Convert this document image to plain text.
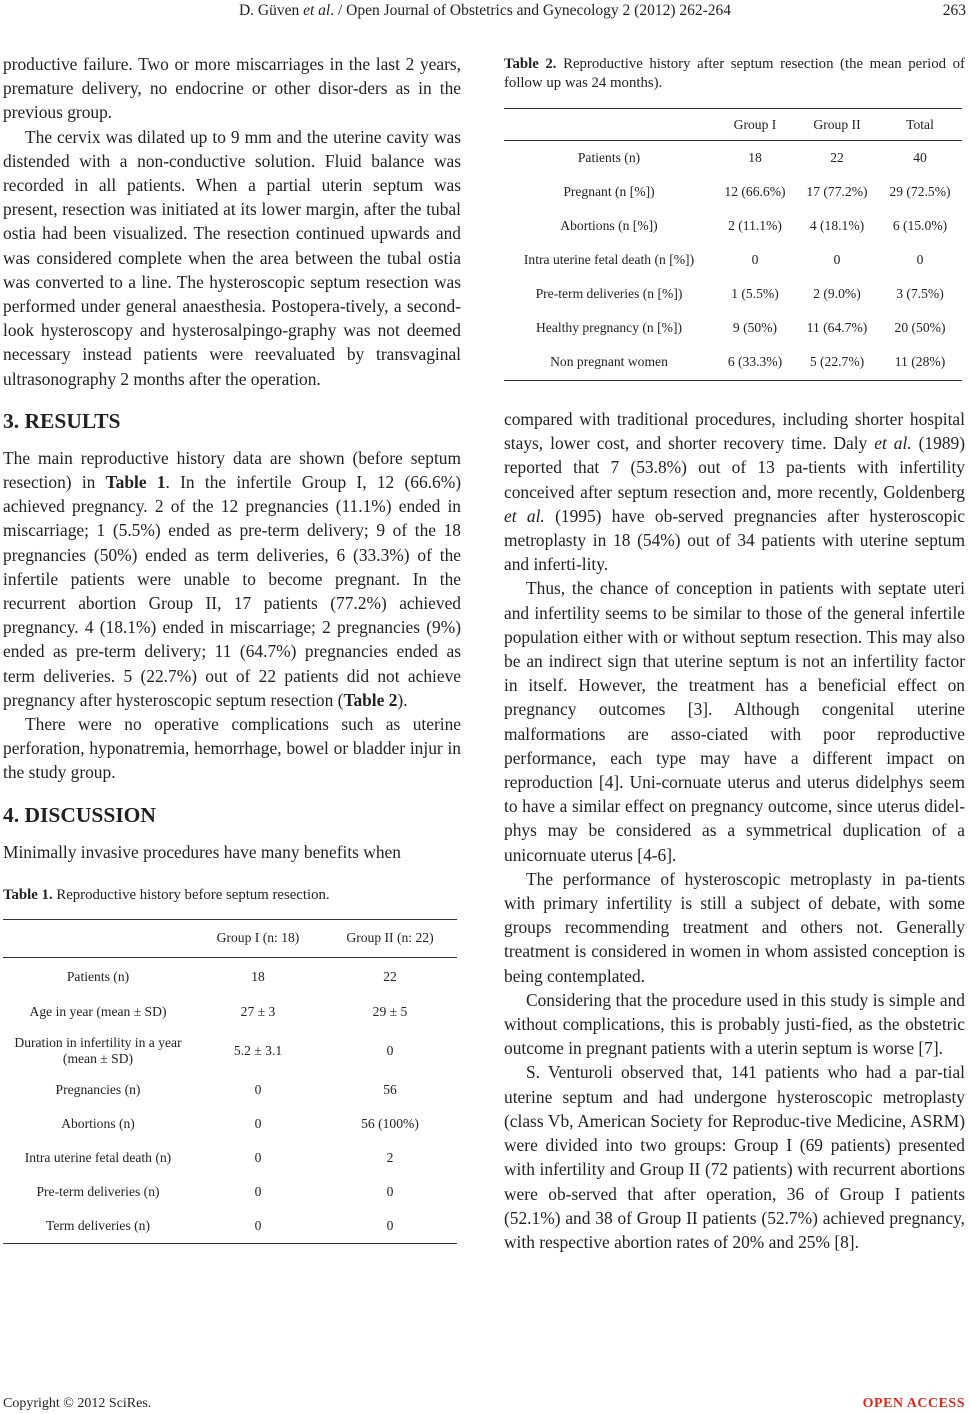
D. Güven et al. / Open Journal of Obstetrics and Gynecology 2 (2012) 262-264	263

productive failure. Two or more miscarriages in the last 2 years, premature delivery, no endocrine or other disor-ders as in the previous group.

The cervix was dilated up to 9 mm and the uterine cavity was distended with a non-conductive solution. Fluid balance was recorded in all patients. When a partial uterin septum was present, resection was initiated at its lower margin, after the tubal ostia had been visualized. The resection continued upwards and was considered complete when the area between the tubal ostia was converted to a line. The hysteroscopic septum resection was performed under general anaesthesia. Postopera-tively, a second-look hysteroscopy and hysterosalpingo-graphy was not deemed necessary instead patients were reevaluated by transvaginal ultrasonography 2 months after the operation.

3. RESULTS

The main reproductive history data are shown (before septum resection) in Table 1. In the infertile Group I, 12 (66.6%) achieved pregnancy. 2 of the 12 pregnancies (11.1%) ended in miscarriage; 1 (5.5%) ended as pre-term delivery; 9 of the 18 pregnancies (50%) ended as term deliveries, 6 (33.3%) of the infertile patients were unable to become pregnant. In the recurrent abortion Group II, 17 patients (77.2%) achieved pregnancy. 4 (18.1%) ended in miscarriage; 2 pregnancies (9%) ended as pre-term delivery; 11 (64.7%) pregnancies ended as term deliveries. 5 (22.7%) out of 22 patients did not achieve pregnancy after hysteroscopic septum resection (Table 2).

There were no operative complications such as uterine perforation, hyponatremia, hemorrhage, bowel or bladder injur in the study group.

4. DISCUSSION

Minimally invasive procedures have many benefits when

Table 1. Reproductive history before septum resection.

	Group I (n: 18)	Group II (n: 22)
Patients (n)	18	22
Age in year (mean ± SD)	27 ± 3	29 ± 5
Duration in infertility in a year (mean ± SD)	5.2 ± 3.1	0
Pregnancies (n)	0	56
Abortions (n)	0	56 (100%)
Intra uterine fetal death (n)	0	2
Pre-term deliveries (n)	0	0
Term deliveries (n)	0	0

Table 2. Reproductive history after septum resection (the mean period of follow up was 24 months).

	Group I	Group II	Total
Patients (n)	18	22	40
Pregnant (n [%])	12 (66.6%)	17 (77.2%)	29 (72.5%)
Abortions (n [%])	2 (11.1%)	4 (18.1%)	6 (15.0%)
Intra uterine fetal death (n [%])	0	0	0
Pre-term deliveries (n [%])	1 (5.5%)	2 (9.0%)	3 (7.5%)
Healthy pregnancy (n [%])	9 (50%)	11 (64.7%)	20 (50%)
Non pregnant women	6 (33.3%)	5 (22.7%)	11 (28%)

compared with traditional procedures, including shorter hospital stays, lower cost, and shorter recovery time. Daly et al. (1989) reported that 7 (53.8%) out of 13 pa-tients with infertility conceived after septum resection and, more recently, Goldenberg et al. (1995) have ob-served pregnancies after hysteroscopic metroplasty in 18 (54%) out of 34 patients with uterine septum and inferti-lity.

Thus, the chance of conception in patients with septate uteri and infertility seems to be similar to those of the general infertile population either with or without septum resection. This may also be an indirect sign that uterine septum is not an infertility factor in itself. However, the treatment has a beneficial effect on pregnancy outcomes [3]. Although congenital uterine malformations are asso-ciated with poor reproductive performance, each type may have a different impact on reproduction [4]. Uni-cornuate uterus and uterus didelphys seem to have a similar effect on pregnancy outcome, since uterus didel-phys may be considered as a symmetrical duplication of a unicornuate uterus [4-6].

The performance of hysteroscopic metroplasty in pa-tients with primary infertility is still a subject of debate, with some groups recommending treatment and others not. Generally treatment is considered in women in whom assisted conception is being contemplated.

Considering that the procedure used in this study is simple and without complications, this is probably justi-fied, as the obstetric outcome in pregnant patients with a uterin septum is worse [7].

S. Venturoli observed that, 141 patients who had a par-tial uterine septum and had undergone hysteroscopic metroplasty (class Vb, American Society for Reproduc-tive Medicine, ASRM) were divided into two groups: Group I (69 patients) presented with infertility and Group II (72 patients) with recurrent abortions were ob-served that after operation, 36 of Group I patients (52.1%) and 38 of Group II patients (52.7%) achieved pregnancy, with respective abortion rates of 20% and 25% [8].

Copyright © 2012 SciRes.	OPEN ACCESS
